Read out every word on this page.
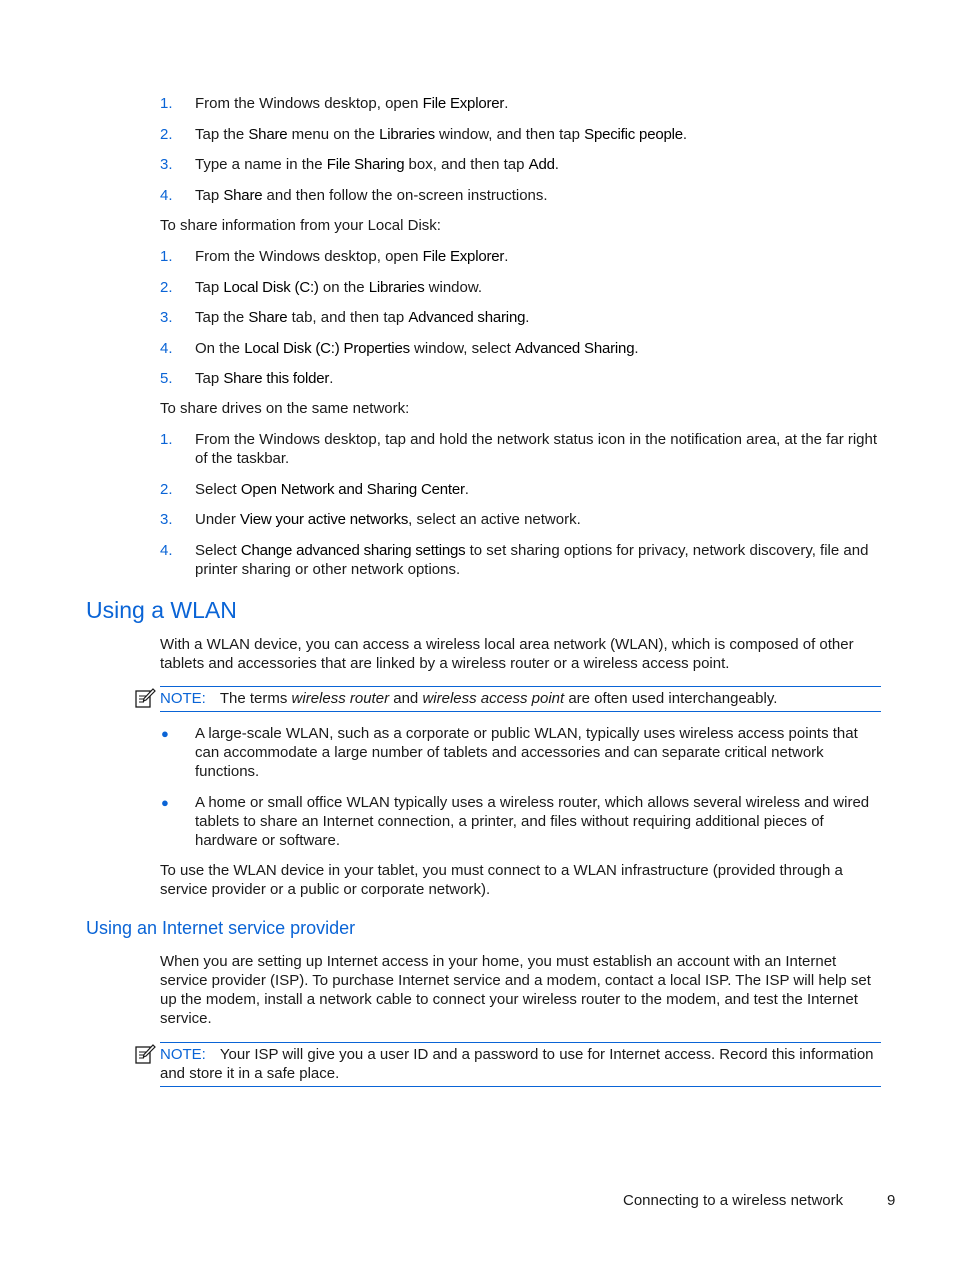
1. From the Windows desktop, open File Explorer.
2. Tap the Share menu on the Libraries window, and then tap Specific people.
3. Type a name in the File Sharing box, and then tap Add.
4. Tap Share and then follow the on-screen instructions.

To share information from your Local Disk:

1. From the Windows desktop, open File Explorer.
2. Tap Local Disk (C:) on the Libraries window.
3. Tap the Share tab, and then tap Advanced sharing.
4. On the Local Disk (C:) Properties window, select Advanced Sharing.
5. Tap Share this folder.

To share drives on the same network:

1. From the Windows desktop, tap and hold the network status icon in the notification area, at the far right of the taskbar.
2. Select Open Network and Sharing Center.
3. Under View your active networks, select an active network.
4. Select Change advanced sharing settings to set sharing options for privacy, network discovery, file and printer sharing or other network options.
Using a WLAN

With a WLAN device, you can access a wireless local area network (WLAN), which is composed of other tablets and accessories that are linked by a wireless router or a wireless access point.

NOTE: The terms wireless router and wireless access point are often used interchangeably.
● A large-scale WLAN, such as a corporate or public WLAN, typically uses wireless access points that can accommodate a large number of tablets and accessories and can separate critical network functions.
● A home or small office WLAN typically uses a wireless router, which allows several wireless and wired tablets to share an Internet connection, a printer, and files without requiring additional pieces of hardware or software.

To use the WLAN device in your tablet, you must connect to a WLAN infrastructure (provided through a service provider or a public or corporate network).

Using an Internet service provider

When you are setting up Internet access in your home, you must establish an account with an Internet service provider (ISP). To purchase Internet service and a modem, contact a local ISP. The ISP will help set up the modem, install a network cable to connect your wireless router to the modem, and test the Internet service.

NOTE: Your ISP will give you a user ID and a password to use for Internet access. Record this information and store it in a safe place.
Connecting to a wireless network	9
